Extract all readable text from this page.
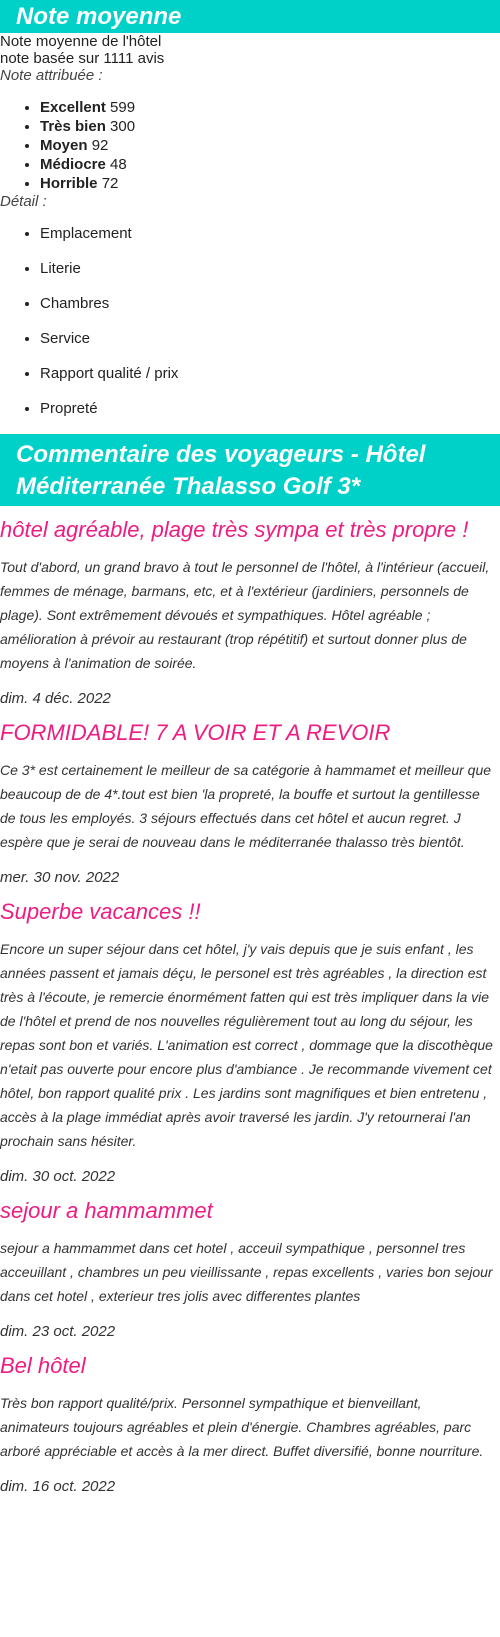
Note moyenne

Note moyenne de l'hôtel

note basée sur 1111 avis

Note attribuée :

• Excellent 599
• Très bien 300
• Moyen 92
• Médiocre 48
• Horrible 72

Détail :

• Emplacement
• Literie
• Chambres
• Service
• Rapport qualité / prix
• Propreté
Commentaire des voyageurs - Hôtel Méditerranée Thalasso Golf 3*
hôtel agréable, plage très sympa et très propre !

Tout d'abord, un grand bravo à tout le personnel de l'hôtel, à l'intérieur (accueil, femmes de ménage, barmans, etc, et à l'extérieur (jardiniers, personnels de plage). Sont extrêmement dévoués et sympathiques. Hôtel agréable ; amélioration à prévoir au restaurant (trop répétitif) et surtout donner plus de moyens à l'animation de soirée.

dim. 4 déc. 2022

FORMIDABLE! 7 A VOIR ET A REVOIR

Ce 3* est certainement le meilleur de sa catégorie à hammamet et meilleur que beaucoup de de 4*.tout est bien 'la propreté, la bouffe et surtout la gentillesse de tous les employés. 3 séjours effectués dans cet hôtel et aucun regret. J espère que je serai de nouveau dans le méditerranée thalasso très bientôt.

mer. 30 nov. 2022

Superbe vacances !!

Encore un super séjour dans cet hôtel, j'y vais depuis que je suis enfant , les années passent et jamais déçu, le personel est très agréables , la direction est très à l'écoute, je remercie énormément fatten qui est très impliquer dans la vie de l'hôtel et prend de nos nouvelles régulièrement tout au long du séjour, les repas sont bon et variés. L'animation est correct , dommage que la discothèque n'etait pas ouverte pour encore plus d'ambiance . Je recommande vivement cet hôtel, bon rapport qualité prix . Les jardins sont magnifiques et bien entretenu , accès à la plage immédiat après avoir traversé les jardin. J'y retournerai l'an prochain sans hésiter.

dim. 30 oct. 2022

sejour a hammammet

sejour a hammammet dans cet hotel , acceuil sympathique , personnel tres acceuillant , chambres un peu vieillissante , repas excellents , varies bon sejour dans cet hotel , exterieur tres jolis avec differentes plantes

dim. 23 oct. 2022

Bel hôtel

Très bon rapport qualité/prix. Personnel sympathique et bienveillant, animateurs toujours agréables et plein d'énergie. Chambres agréables, parc arboré appréciable et accès à la mer direct. Buffet diversifié, bonne nourriture.

dim. 16 oct. 2022
